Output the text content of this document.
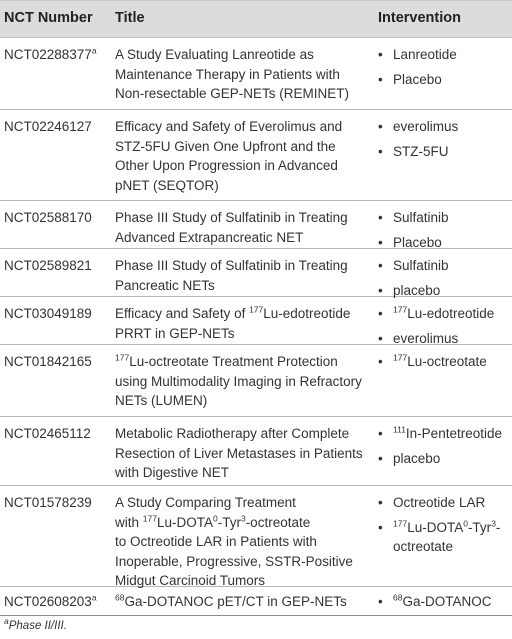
NCT Number Title	Intervention
NCT02288377$^a$ A Study Evaluating Lanreotide as Maintenance Therapy in Patients with Non-resectable GEP-NETs (REMINET)
• Lanreotide
• Placebo
NCT02246127 Efficacy and Safety of Everolimus and STZ-5FU Given One Upfront and the Other Upon Progression in Advanced pNET (SEQTOR)
• everolimus
• STZ-5FU
NCT02588170 Phase III Study of Sulfatinib in Treating Advanced Extrapancreatic NET
• Sulfatinib
• Placebo
NCT02589821 Phase III Study of Sulfatinib in Treating Pancreatic NETs
• Sulfatinib
• placebo
NCT03049189 Efficacy and Safety of $^{177}$Lu-edotreotide PRRT in GEP-NETs
• $^{177}$Lu-edotreotide
• everolimus
NCT01842165	$^{177}$Lu-octreotate Treatment Protection using Multimodality Imaging in Refractory NETs (LUMEN)
• $^{177}$Lu-octreotate
NCT02465112 Metabolic Radiotherapy after Complete Resection of Liver Metastases in Patients with Digestive NET
• $^{111}$In-Pentetreotide
• placebo
NCT01578239 A Study Comparing Treatment
with $^{177}$Lu-DOTA$^0$-Tyr$^3$-octreotate
to Octreotide LAR in Patients with Inoperable, Progressive, SSTR-Positive Midgut Carcinoid Tumors
• Octreotide LAR
• $^{177}$Lu-DOTA$^0$-Tyr$^3$-
octreotate
NCT02608203$^a$ $^{68}$Ga-DOTANOC pET/CT in GEP-NETs	• $^{68}$Ga-DOTANOC
$^a$Phase II/III.
